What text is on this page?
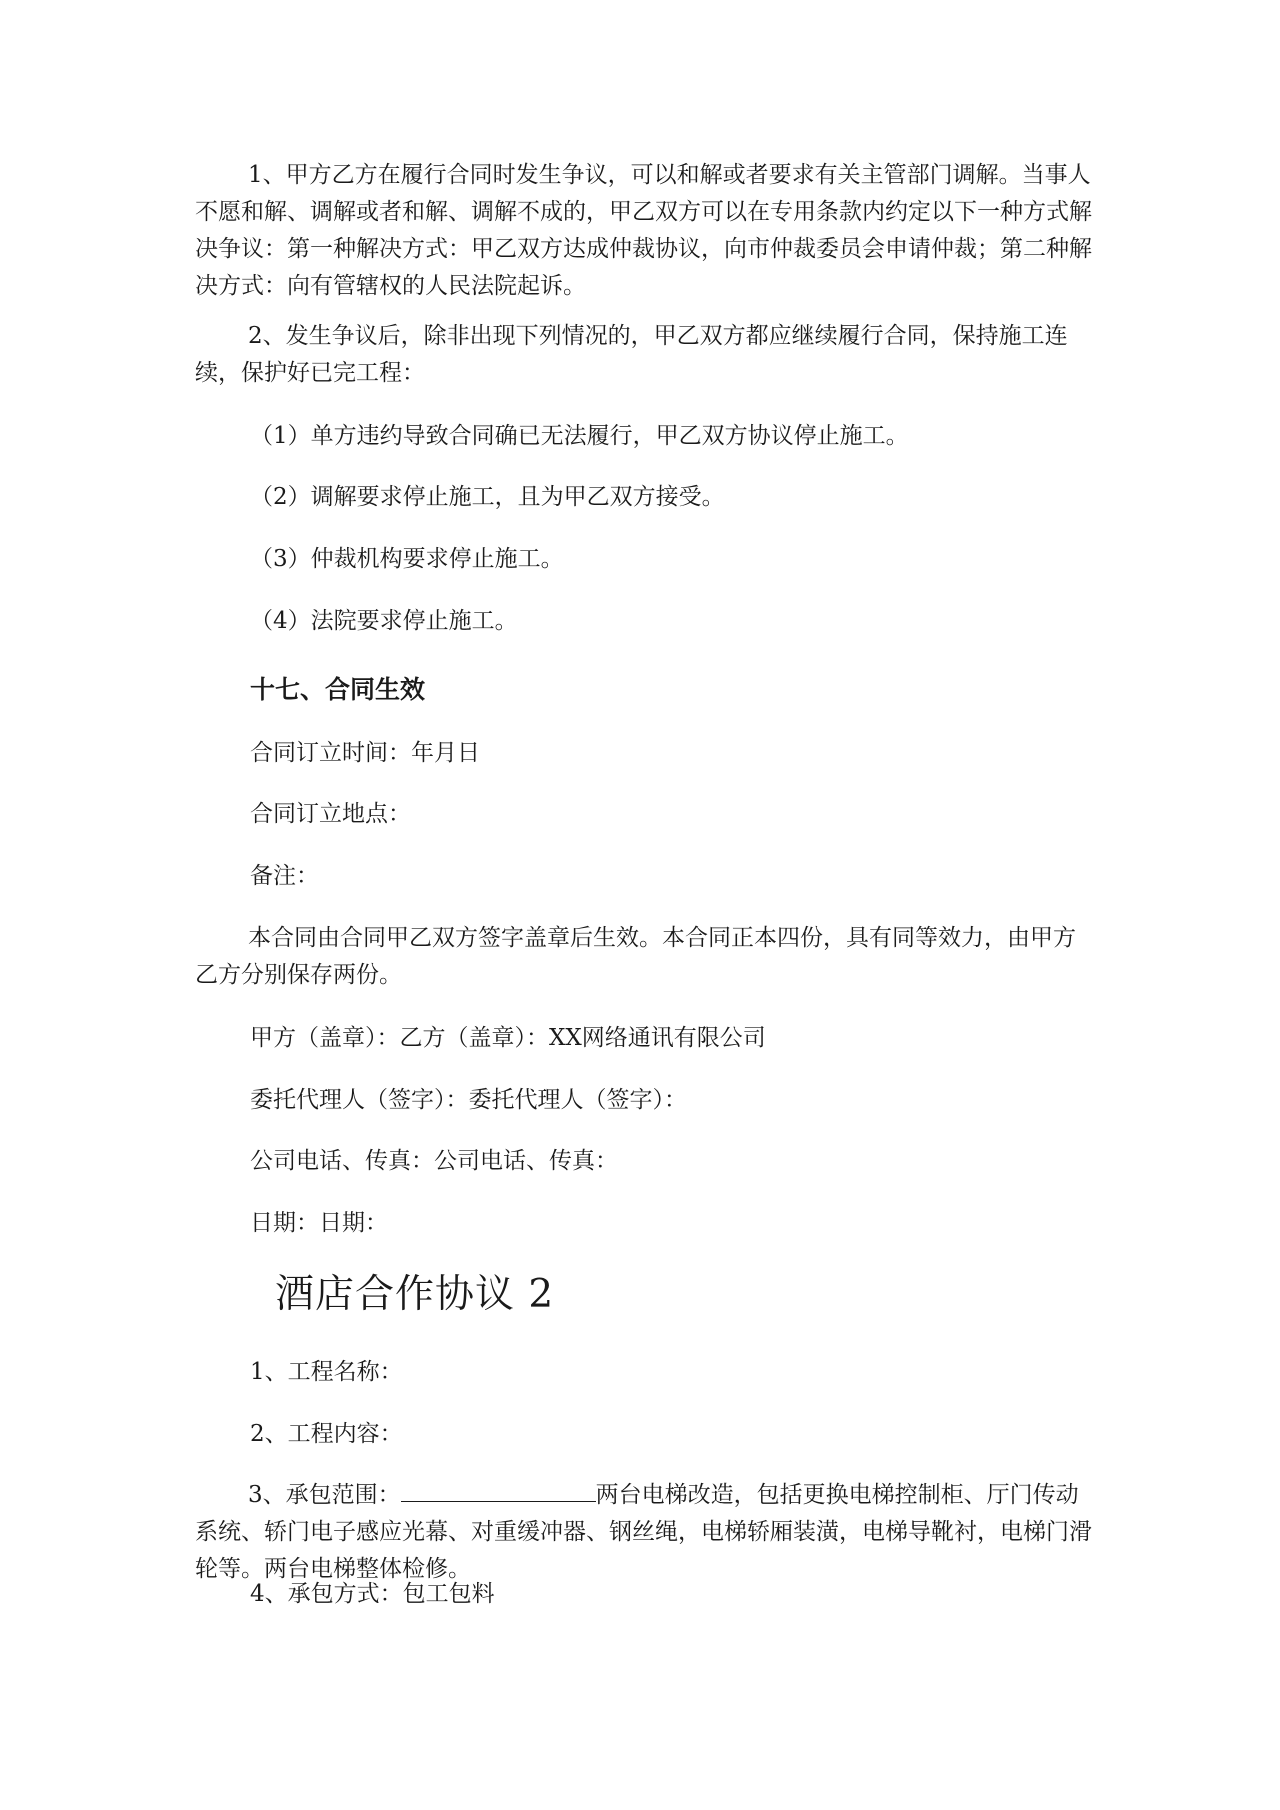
1、甲方乙方在履行合同时发生争议，可以和解或者要求有关主管部门调解。当事人不愿和解、调解或者和解、调解不成的，甲乙双方可以在专用条款内约定以下一种方式解决争议：第一种解决方式：甲乙双方达成仲裁协议，向市仲裁委员会申请仲裁；第二种解决方式：向有管辖权的人民法院起诉。

2、发生争议后，除非出现下列情况的，甲乙双方都应继续履行合同，保持施工连续，保护好已完工程：

（1）单方违约导致合同确已无法履行，甲乙双方协议停止施工。

（2）调解要求停止施工，且为甲乙双方接受。

（3）仲裁机构要求停止施工。

（4）法院要求停止施工。

十七、合同生效

合同订立时间：年月日

合同订立地点：

备注：

本合同由合同甲乙双方签字盖章后生效。本合同正本四份，具有同等效力，由甲方乙方分别保存两份。

甲方（盖章）：乙方（盖章）：XX网络通讯有限公司

委托代理人（签字）：委托代理人（签字）：

公司电话、传真：公司电话、传真：

日期：日期：

酒店合作协议 2

1、工程名称：

2、工程内容：

3、承包范围：	两台电梯改造，包括更换电梯控制柜、厅门传动系统、轿门电子感应光幕、对重缓冲器、钢丝绳，电梯轿厢装潢，电梯导靴衬，电梯门滑轮等。两台电梯整体检修。

4、承包方式：包工包料
